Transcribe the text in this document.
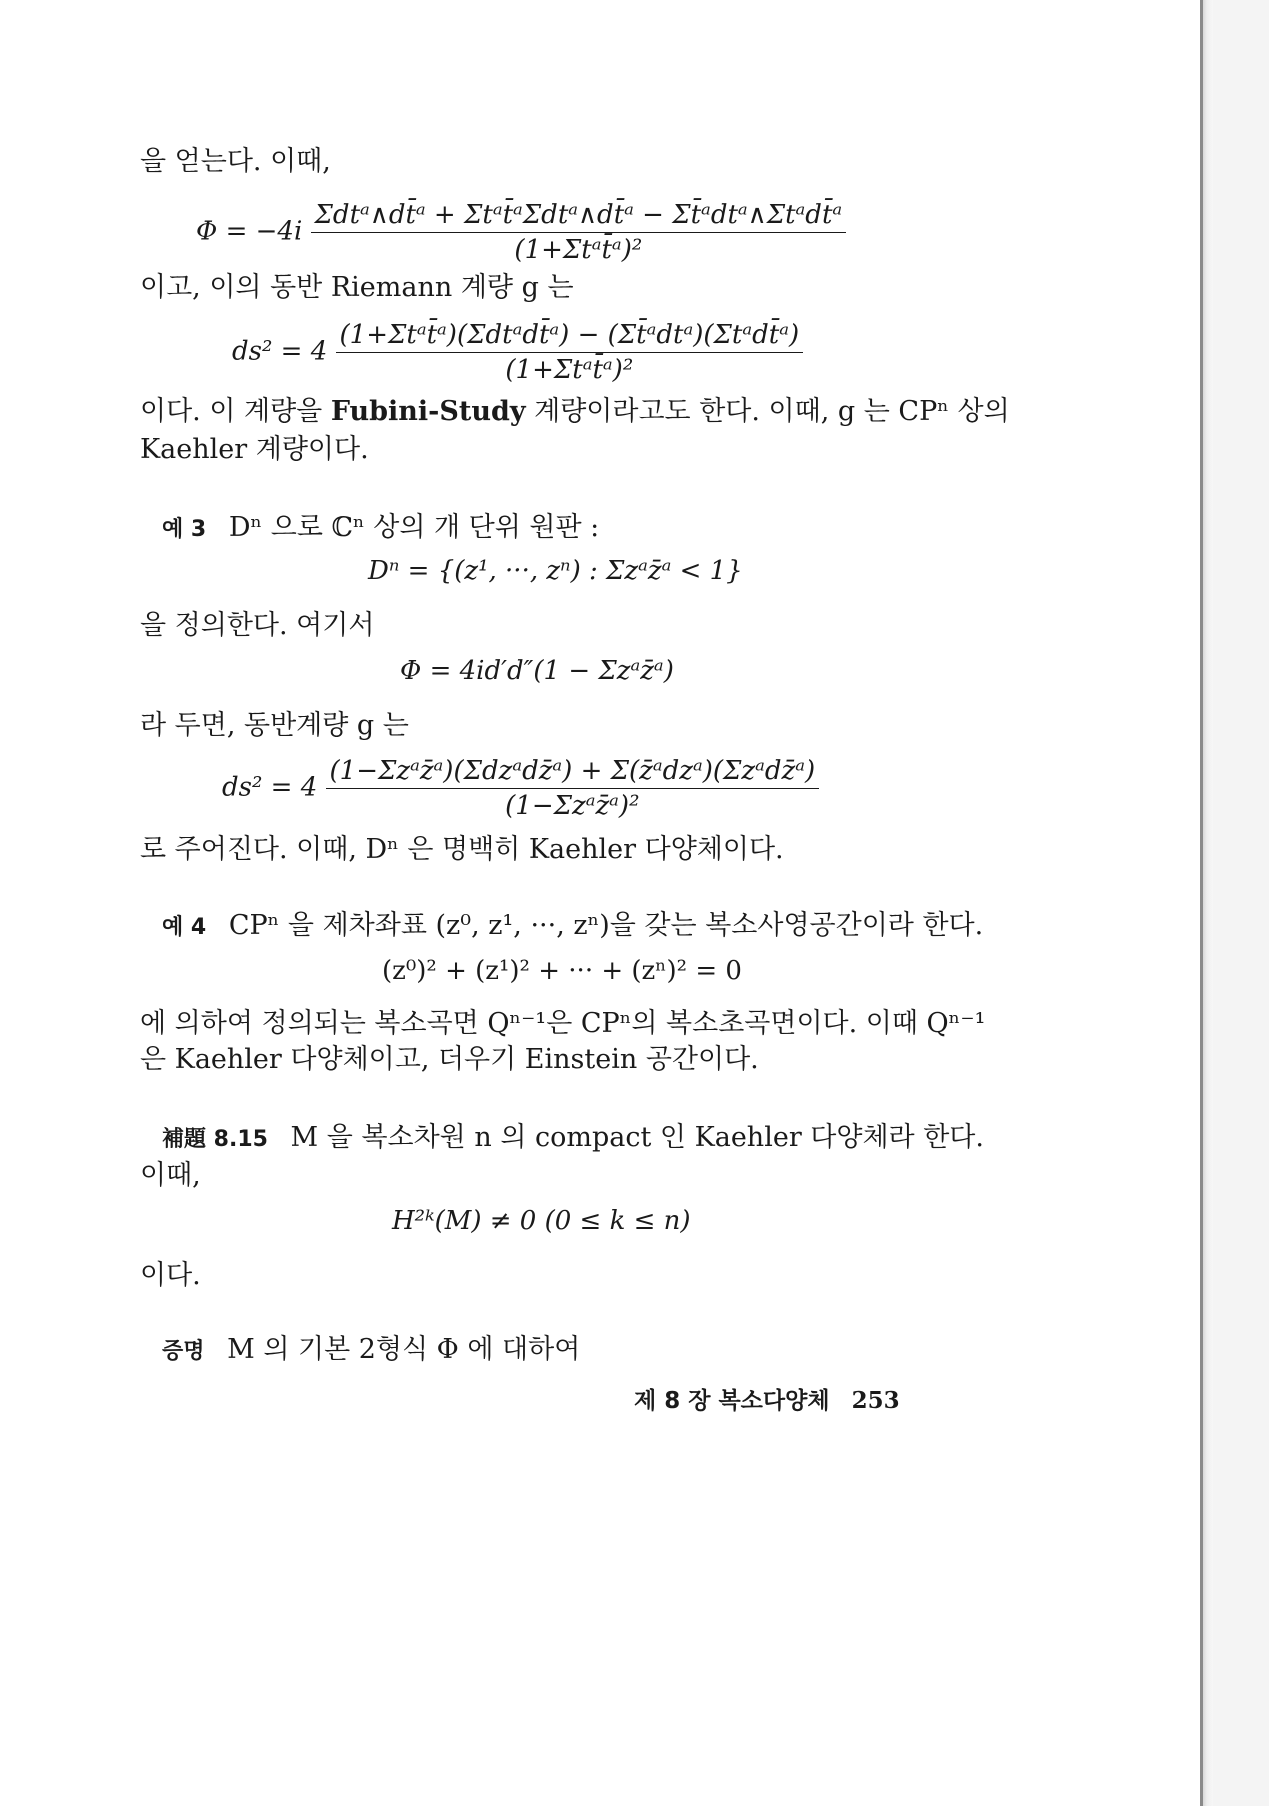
을 얻는다. 이때,
$\Phi = -4i \frac{\text{Σdtᵃ∧dt̄ᵃ + Σtᵃt̄ᵃΣdtᵃ∧dt̄ᵃ − Σt̄ᵃdtᵃ∧Σtᵃdt̄ᵃ}}{\text{(1+Σtᵃt̄ᵃ)²}}$
이고, 이의 동반 Riemann 계량 g 는
$ds^2 = 4 \frac{\text{(1+Σtᵃt̄ᵃ)(Σdtᵃdt̄ᵃ) − (Σt̄ᵃdtᵃ)(Σtᵃdt̄ᵃ)}}{\text{(1+Σtᵃt̄ᵃ)²}}$
이다. 이 계량을 Fubini-Study 계량이라고도 한다. 이때, g 는 CPⁿ 상의
Kaehler 계량이다.
예 3 Dⁿ 으로 ℂⁿ 상의 개 단위 원판 :
Dⁿ = {(z¹, ···, zⁿ) : Σzᵃz̄ᵃ < 1}
을 정의한다. 여기서
Φ = 4id′d″(1 − Σzᵃz̄ᵃ)
라 두면, 동반계량 g 는
$ds^2 = 4 \frac{\text{(1−Σzᵃz̄ᵃ)(Σdzᵃdz̄ᵃ) + Σ(z̄ᵃdzᵃ)(Σzᵃdz̄ᵃ)}}{\text{(1−Σzᵃz̄ᵃ)²}}$
로 주어진다. 이때, Dⁿ 은 명백히 Kaehler 다양체이다.
예 4 CPⁿ 을 제차좌표 (z⁰, z¹, ···, zⁿ)을 갖는 복소사영공간이라 한다.
(z⁰)² + (z¹)² + ··· + (zⁿ)² = 0
에 의하여 정의되는 복소곡면 Qⁿ⁻¹은 CPⁿ의 복소초곡면이다. 이때 Qⁿ⁻¹
은 Kaehler 다양체이고, 더우기 Einstein 공간이다.
補題 8.15 M 을 복소차원 n 의 compact 인 Kaehler 다양체라 한다.
이때,
H²ᵏ(M) ≠ 0 (0 ≤ k ≤ n)
이다.
증명 M 의 기본 2형식 Φ 에 대하여
제 8 장 복소다양체 253
